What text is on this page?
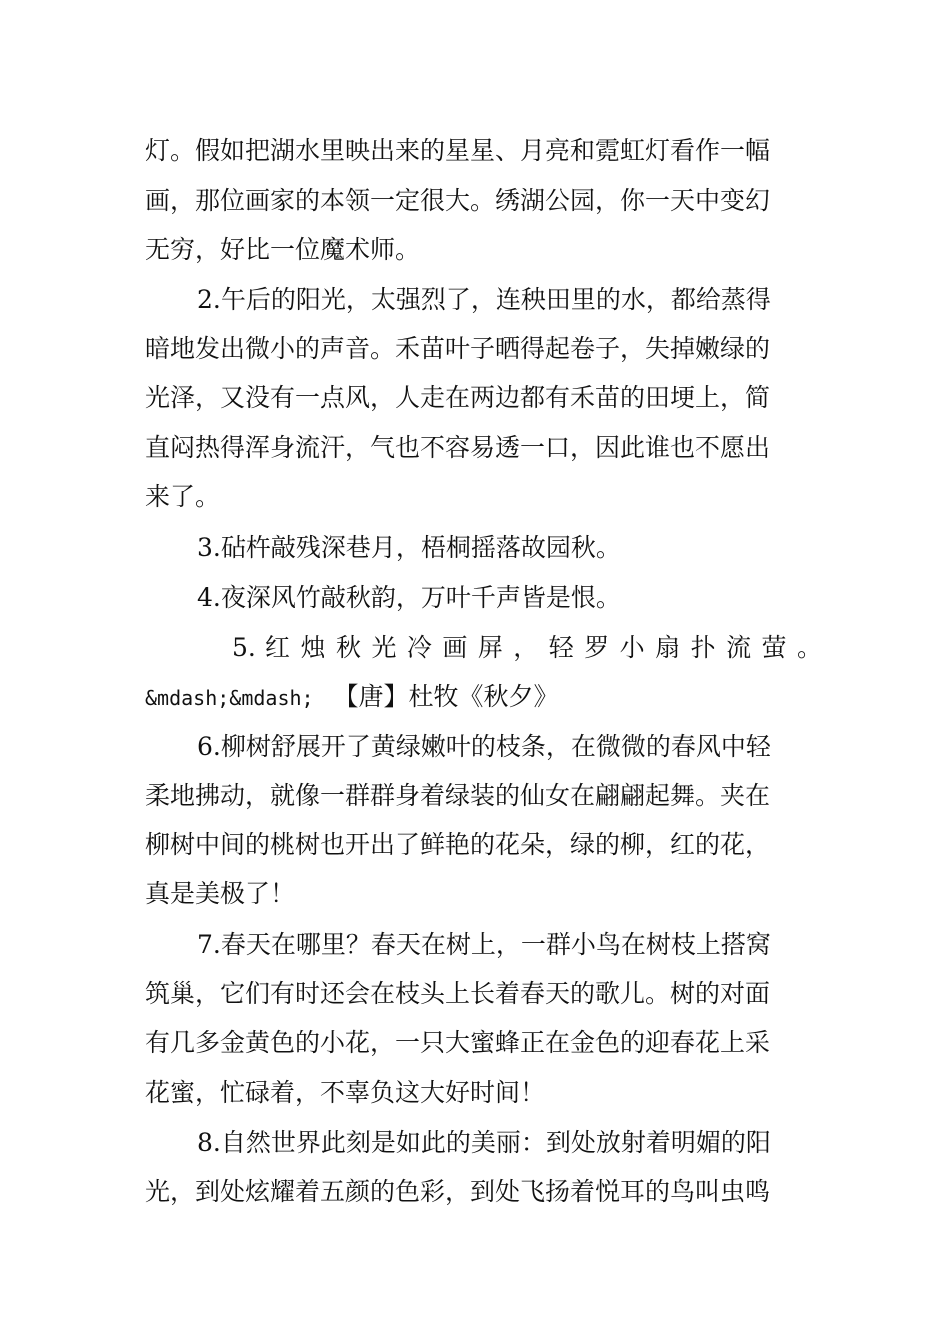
灯。假如把湖水里映出来的星星、月亮和霓虹灯看作一幅
画，那位画家的本领一定很大。绣湖公园，你一天中变幻
无穷，好比一位魔术师。
2.午后的阳光，太强烈了，连秧田里的水，都给蒸得
暗地发出微小的声音。禾苗叶子晒得起卷子，失掉嫩绿的
光泽，又没有一点风，人走在两边都有禾苗的田埂上，简
直闷热得浑身流汗，气也不容易透一口，因此谁也不愿出
来了。
3.砧杵敲残深巷月，梧桐摇落故园秋。
4.夜深风竹敲秋韵，万叶千声皆是恨。
5. 红 烛 秋 光 冷 画 屏 ， 轻 罗 小 扇 扑 流 萤 。
&mdash;&mdash; 【唐】杜牧《秋夕》
6.柳树舒展开了黄绿嫩叶的枝条，在微微的春风中轻
柔地拂动，就像一群群身着绿装的仙女在翩翩起舞。夹在
柳树中间的桃树也开出了鲜艳的花朵，绿的柳，红的花，
真是美极了！
7.春天在哪里？春天在树上，一群小鸟在树枝上搭窝
筑巢，它们有时还会在枝头上长着春天的歌儿。树的对面
有几多金黄色的小花，一只大蜜蜂正在金色的迎春花上采
花蜜，忙碌着，不辜负这大好时间！
8.自然世界此刻是如此的美丽：到处放射着明媚的阳
光，到处炫耀着五颜的色彩，到处飞扬着悦耳的鸟叫虫鸣
